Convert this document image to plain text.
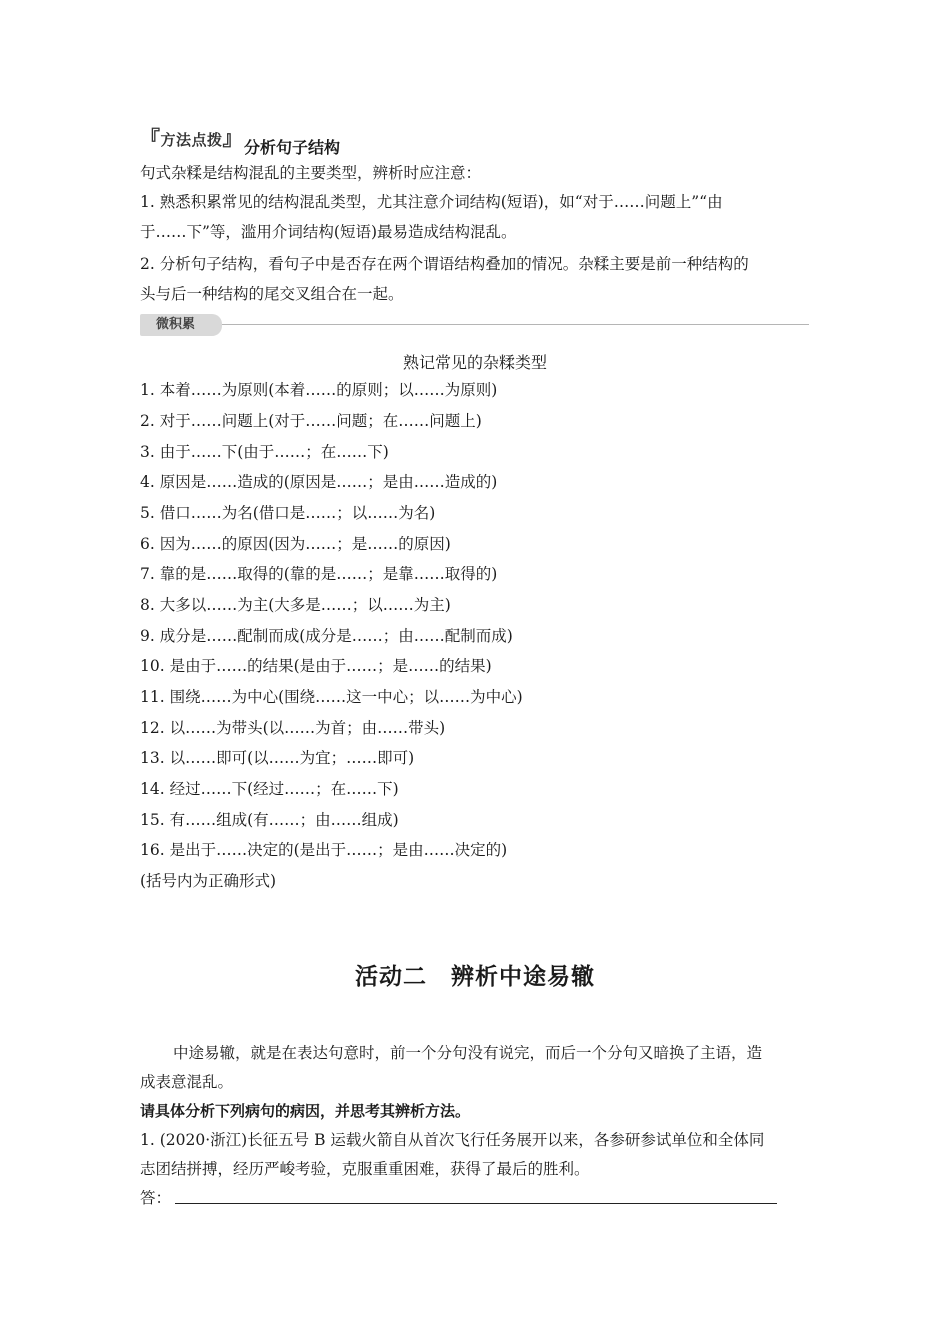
『方法点拨』 分析句子结构
句式杂糅是结构混乱的主要类型，辨析时应注意：
1. 熟悉积累常见的结构混乱类型，尤其注意介词结构(短语)，如“对于……问题上”“由
于……下”等，滥用介词结构(短语)最易造成结构混乱。
2. 分析句子结构，看句子中是否存在两个谓语结构叠加的情况。杂糅主要是前一种结构的
头与后一种结构的尾交叉组合在一起。
微积累
熟记常见的杂糅类型
1. 本着……为原则(本着……的原则；以……为原则)
2. 对于……问题上(对于……问题；在……问题上)
3. 由于……下(由于……；在……下)
4. 原因是……造成的(原因是……；是由……造成的)
5. 借口……为名(借口是……；以……为名)
6. 因为……的原因(因为……；是……的原因)
7. 靠的是……取得的(靠的是……；是靠……取得的)
8. 大多以……为主(大多是……；以……为主)
9. 成分是……配制而成(成分是……；由……配制而成)
10. 是由于……的结果(是由于……；是……的结果)
11. 围绕……为中心(围绕……这一中心；以……为中心)
12. 以……为带头(以……为首；由……带头)
13. 以……即可(以……为宜；……即可)
14. 经过……下(经过……；在……下)
15. 有……组成(有……；由……组成)
16. 是出于……决定的(是出于……；是由……决定的)
(括号内为正确形式)
活动二　辨析中途易辙
中途易辙，就是在表达句意时，前一个分句没有说完，而后一个分句又暗换了主语，造
成表意混乱。
请具体分析下列病句的病因，并思考其辨析方法。
1. (2020·浙江)长征五号 B 运载火箭自从首次飞行任务展开以来，各参研参试单位和全体同
志团结拼搏，经历严峻考验，克服重重困难，获得了最后的胜利。
答：
